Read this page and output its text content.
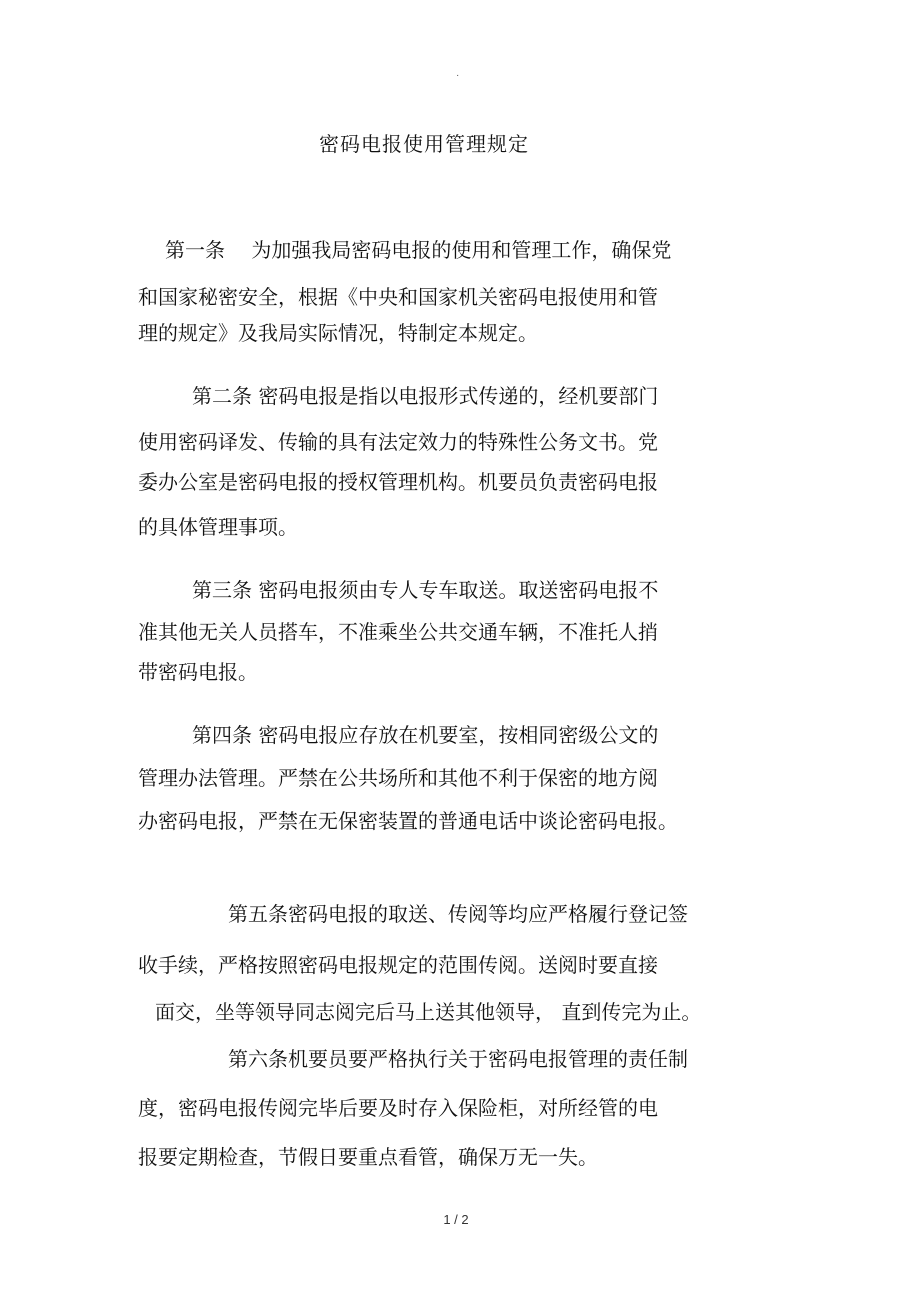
·
密码电报使用管理规定
第一条　 为加强我局密码电报的使用和管理工作，确保党
和国家秘密安全，根据《中央和国家机关密码电报使用和管
理的规定》及我局实际情况，特制定本规定。
第二条 密码电报是指以电报形式传递的，经机要部门
使用密码译发、传输的具有法定效力的特殊性公务文书。党
委办公室是密码电报的授权管理机构。机要员负责密码电报
的具体管理事项。
第三条 密码电报须由专人专车取送。取送密码电报不
准其他无关人员搭车，不准乘坐公共交通车辆，不准托人捎
带密码电报。
第四条 密码电报应存放在机要室，按相同密级公文的
管理办法管理。严禁在公共场所和其他不利于保密的地方阅
办密码电报，严禁在无保密装置的普通电话中谈论密码电报。
第五条密码电报的取送、传阅等均应严格履行登记签
收手续，严格按照密码电报规定的范围传阅。送阅时要直接
面交，坐等领导同志阅完后马上送其他领导， 直到传完为止。
第六条机要员要严格执行关于密码电报管理的责任制
度，密码电报传阅完毕后要及时存入保险柜，对所经管的电
报要定期检查，节假日要重点看管，确保万无一失。
1 / 2
